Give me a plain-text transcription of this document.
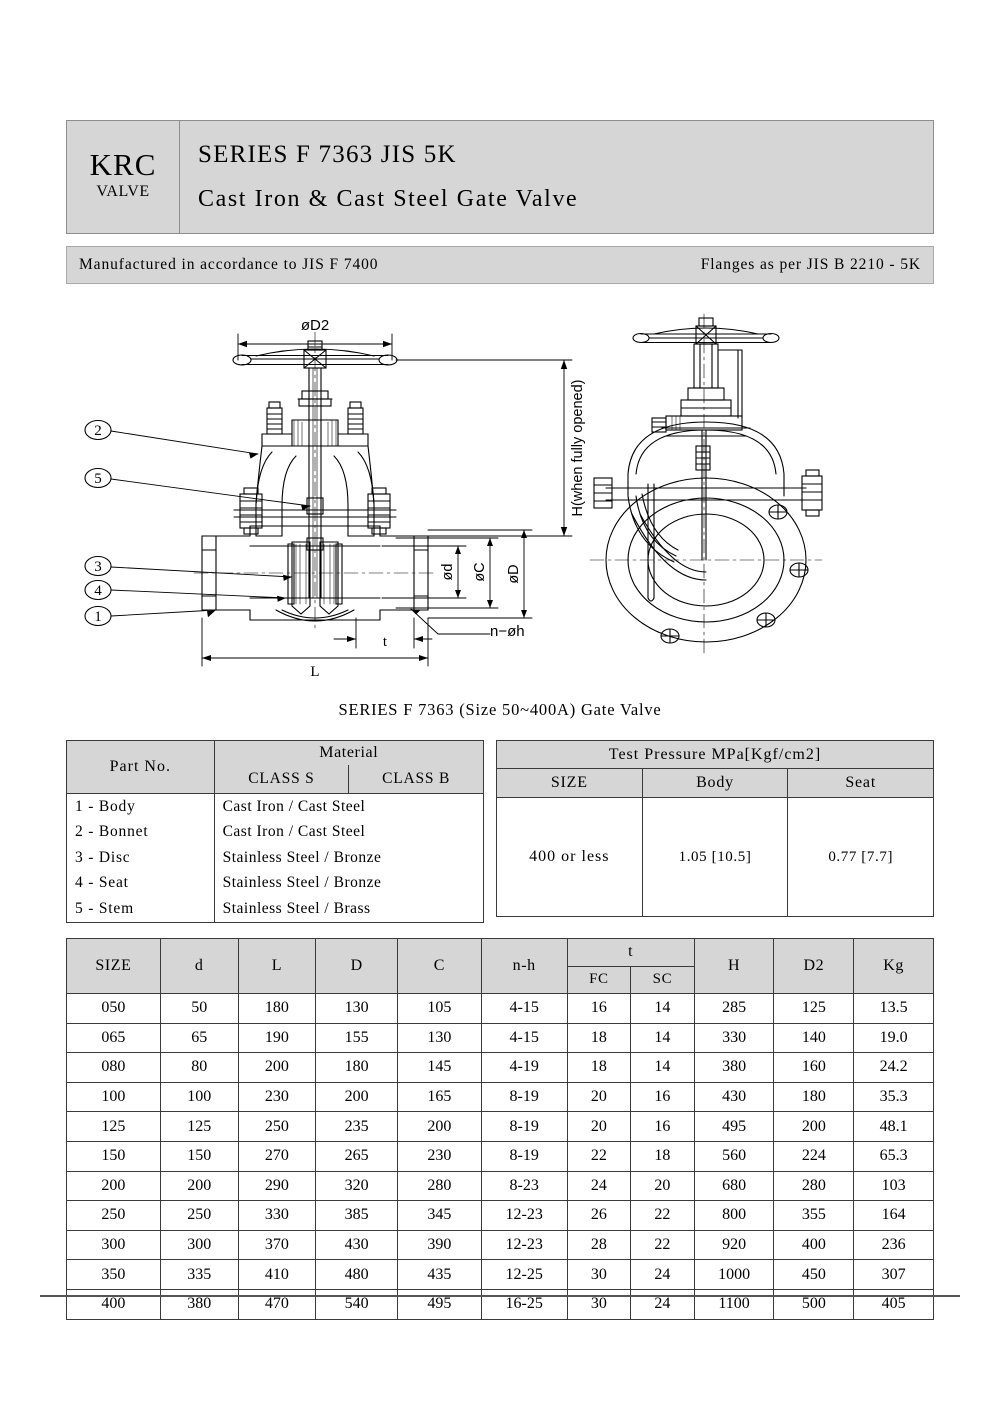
KRC
VALVE
SERIES F 7363 JIS 5K
Cast Iron & Cast Steel Gate Valve
Manufactured in accordance to JIS F 7400	Flanges as per JIS B 2210 - 5K
øD2
n−øh
t
L
H(when fully opened)
ød øC øD
2
5
3
4
1
SERIES F 7363 (Size 50~400A) Gate Valve
Part No.	Material	
	CLASS S	CLASS B
1 - Body	Cast Iron / Cast Steel	
2 - Bonnet	Cast Iron / Cast Steel	
3 - Disc	Stainless Steel / Bronze	
4 - Seat	Stainless Steel / Bronze	
5 - Stem	Stainless Steel / Brass	
Test Pressure MPa[Kgf/cm2]		
SIZE	Body	Seat
400 or less	1.05 [10.5]	0.77 [7.7]
SIZE	d	L	D	C	n-h	t		H	D2	Kg
						FC	SC			
050	50	180	130	105	4-15	16	14	285	125	13.5
065	65	190	155	130	4-15	18	14	330	140	19.0
080	80	200	180	145	4-19	18	14	380	160	24.2
100	100	230	200	165	8-19	20	16	430	180	35.3
125	125	250	235	200	8-19	20	16	495	200	48.1
150	150	270	265	230	8-19	22	18	560	224	65.3
200	200	290	320	280	8-23	24	20	680	280	103
250	250	330	385	345	12-23	26	22	800	355	164
300	300	370	430	390	12-23	28	22	920	400	236
350	335	410	480	435	12-25	30	24	1000	450	307
400	380	470	540	495	16-25	30	24	1100	500	405
